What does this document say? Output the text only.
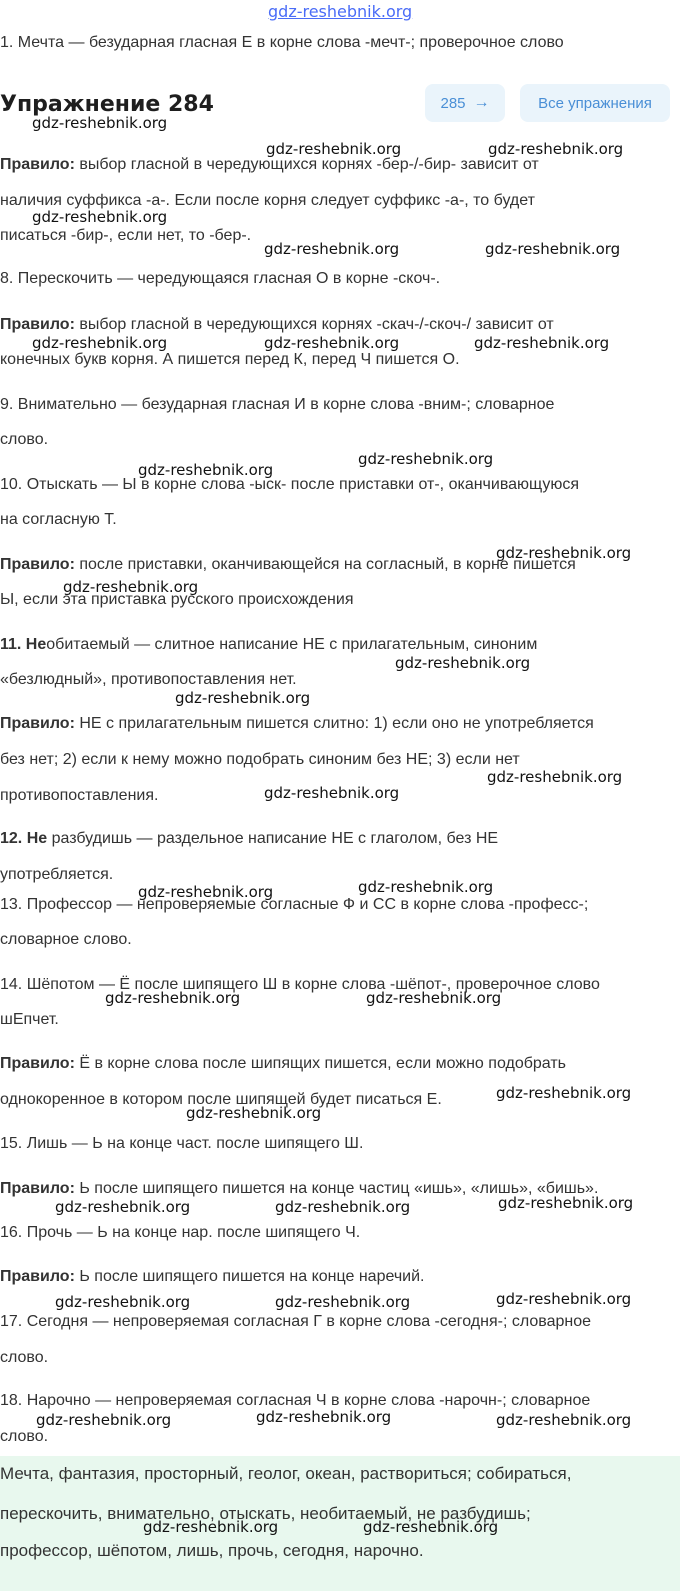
gdz-reshebnik.org
1. Мечта — безударная гласная Е в корне слова -мечт-; проверочное слово
Упражнение 284	285 →	Все упражнения
Правило: выбор гласной в чередующихся корнях -бер-/-бир- зависит от
наличия суффикса -а-. Если после корня следует суффикс -а-, то будет
писаться -бир-, если нет, то -бер-.
8. Перескочить — чередующаяся гласная О в корне -скоч-.
Правило: выбор гласной в чередующихся корнях -скач-/-скоч-/ зависит от
конечных букв корня. А пишется перед К, перед Ч пишется О.
9. Внимательно — безударная гласная И в корне слова -вним-; словарное
слово.
10. Отыскать — Ы в корне слова -ыск- после приставки от-, оканчивающуюся
на согласную Т.
Правило: после приставки, оканчивающейся на согласный, в корне пишется
Ы, если эта приставка русского происхождения
11. Необитаемый — слитное написание НЕ с прилагательным, синоним
«безлюдный», противопоставления нет.
Правило: НЕ с прилагательным пишется слитно: 1) если оно не употребляется
без нет; 2) если к нему можно подобрать синоним без НЕ; 3) если нет
противопоставления.
12. Не разбудишь — раздельное написание НЕ с глаголом, без НЕ
употребляется.
13. Профессор — непроверяемые согласные Ф и СС в корне слова -професс-;
словарное слово.
14. Шёпотом — Ё после шипящего Ш в корне слова -шёпот-, проверочное слово
шЕпчет.
Правило: Ё в корне слова после шипящих пишется, если можно подобрать
однокоренное в котором после шипящей будет писаться Е.
15. Лишь — Ь на конце част. после шипящего Ш.
Правило: Ь после шипящего пишется на конце частиц «ишь», «лишь», «бишь».
16. Прочь — Ь на конце нар. после шипящего Ч.
Правило: Ь после шипящего пишется на конце наречий.
17. Сегодня — непроверяемая согласная Г в корне слова -сегодня-; словарное
слово.
18. Нарочно — непроверяемая согласная Ч в корне слова -нарочн-; словарное
слово.
Мечта, фантазия, просторный, геолог, океан, раствориться; собираться,
перескочить, внимательно, отыскать, необитаемый, не разбудишь;
профессор, шёпотом, лишь, прочь, сегодня, нарочно.
gdz-reshebnik.org
gdz-reshebnik.org	gdz-reshebnik.org
gdz-reshebnik.org
gdz-reshebnik.org	gdz-reshebnik.org
gdz-reshebnik.org	gdz-reshebnik.org	gdz-reshebnik.org
gdz-reshebnik.org
gdz-reshebnik.org
gdz-reshebnik.org
gdz-reshebnik.org
gdz-reshebnik.org
gdz-reshebnik.org
gdz-reshebnik.org
gdz-reshebnik.org
gdz-reshebnik.org
gdz-reshebnik.org
gdz-reshebnik.org	gdz-reshebnik.org
gdz-reshebnik.org
gdz-reshebnik.org
gdz-reshebnik.org
gdz-reshebnik.org	gdz-reshebnik.org
gdz-reshebnik.org
gdz-reshebnik.org	gdz-reshebnik.org
gdz-reshebnik.org	gdz-reshebnik.org	gdz-reshebnik.org
gdz-reshebnik.org	gdz-reshebnik.org
